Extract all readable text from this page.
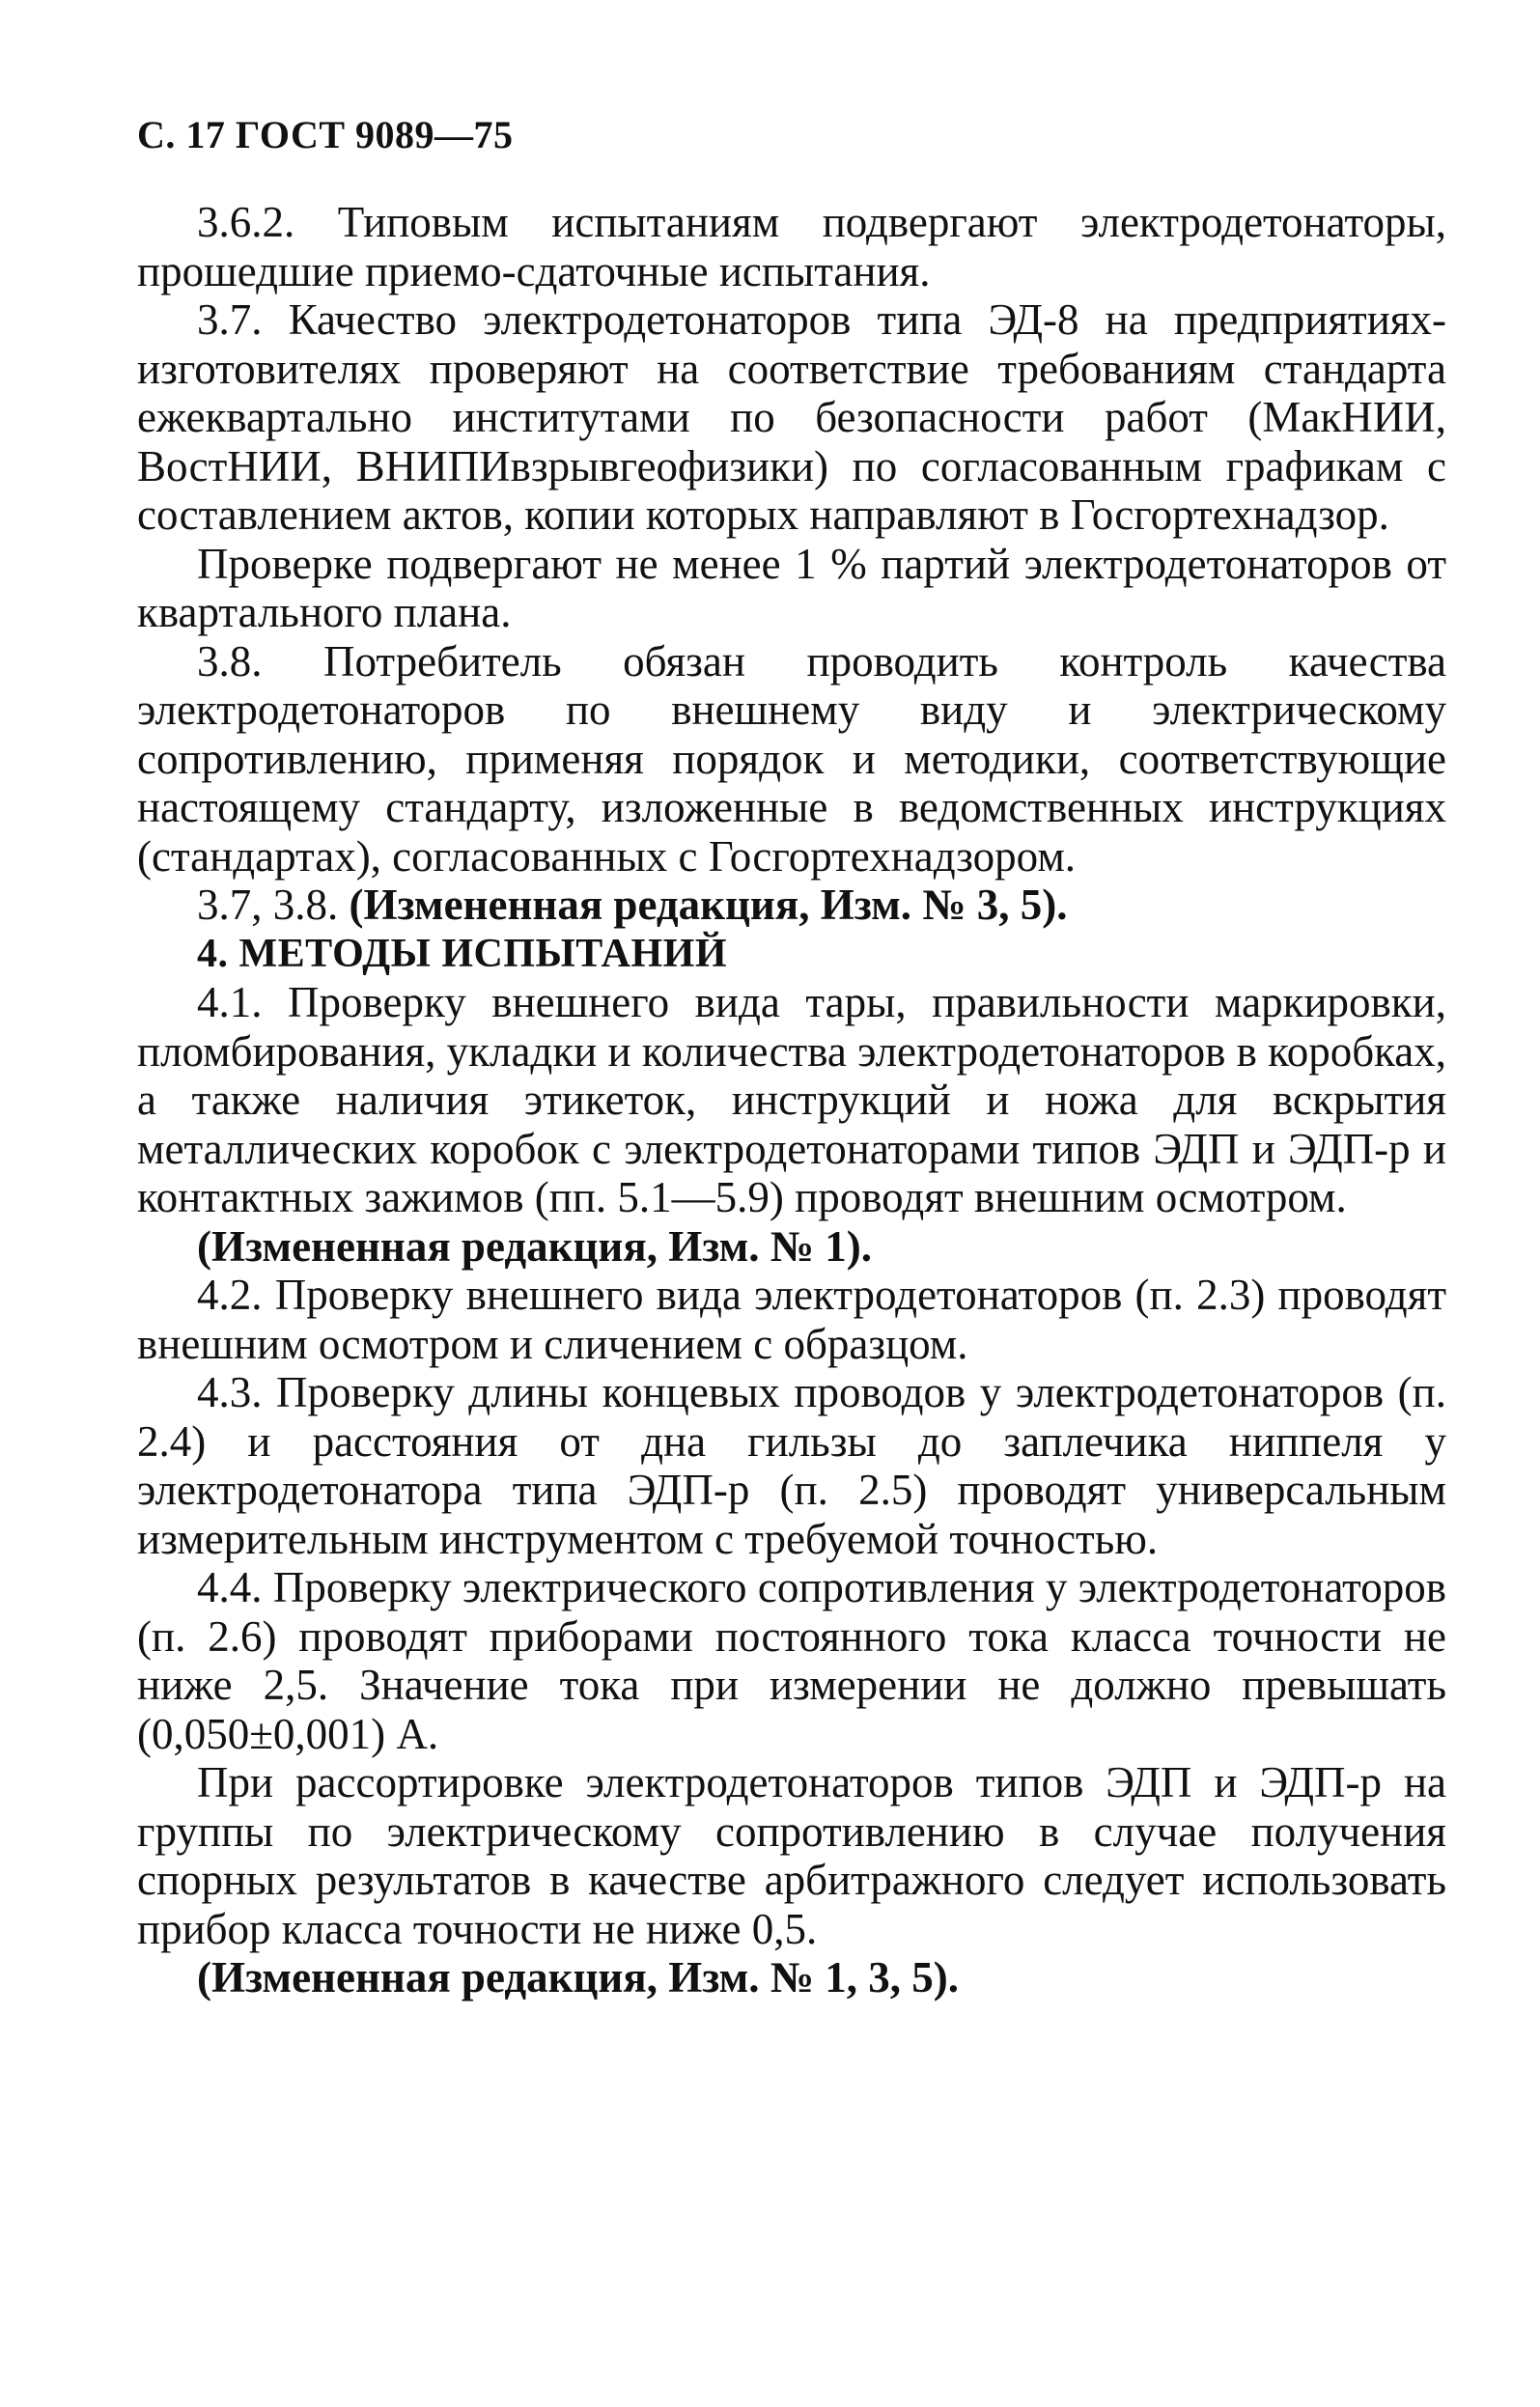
С. 17 ГОСТ 9089—75

3.6.2. Типовым испытаниям подвергают электродетонаторы, прошедшие приемо-сдаточные испытания.

3.7. Качество электродетонаторов типа ЭД-8 на предприятиях-изготовителях проверяют на соответствие требованиям стандарта ежеквартально институтами по безопасности работ (МакНИИ, ВостНИИ, ВНИПИвзрывгеофизики) по согласованным графикам с составлением актов, копии которых направляют в Госгортехнадзор.

Проверке подвергают не менее 1 % партий электродетонаторов от квартального плана.

3.8. Потребитель обязан проводить контроль качества электродетонаторов по внешнему виду и электрическому сопротивлению, применяя порядок и методики, соответствующие настоящему стандарту, изложенные в ведомственных инструкциях (стандартах), согласованных с Госгортехнадзором.

3.7, 3.8. (Измененная редакция, Изм. № 3, 5).

4. МЕТОДЫ ИСПЫТАНИЙ

4.1. Проверку внешнего вида тары, правильности маркировки, пломбирования, укладки и количества электродетонаторов в коробках, а также наличия этикеток, инструкций и ножа для вскрытия металлических коробок с электродетонаторами типов ЭДП и ЭДП-р и контактных зажимов (пп. 5.1—5.9) проводят внешним осмотром.

(Измененная редакция, Изм. № 1).

4.2. Проверку внешнего вида электродетонаторов (п. 2.3) проводят внешним осмотром и сличением с образцом.

4.3. Проверку длины концевых проводов у электродетонаторов (п. 2.4) и расстояния от дна гильзы до заплечика ниппеля у электродетонатора типа ЭДП-р (п. 2.5) проводят универсальным измерительным инструментом с требуемой точностью.

4.4. Проверку электрического сопротивления у электродетонаторов (п. 2.6) проводят приборами постоянного тока класса точности не ниже 2,5. Значение тока при измерении не должно превышать (0,050±0,001) А.

При рассортировке электродетонаторов типов ЭДП и ЭДП-р на группы по электрическому сопротивлению в случае получения спорных результатов в качестве арбитражного следует использовать прибор класса точности не ниже 0,5.

(Измененная редакция, Изм. № 1, 3, 5).
